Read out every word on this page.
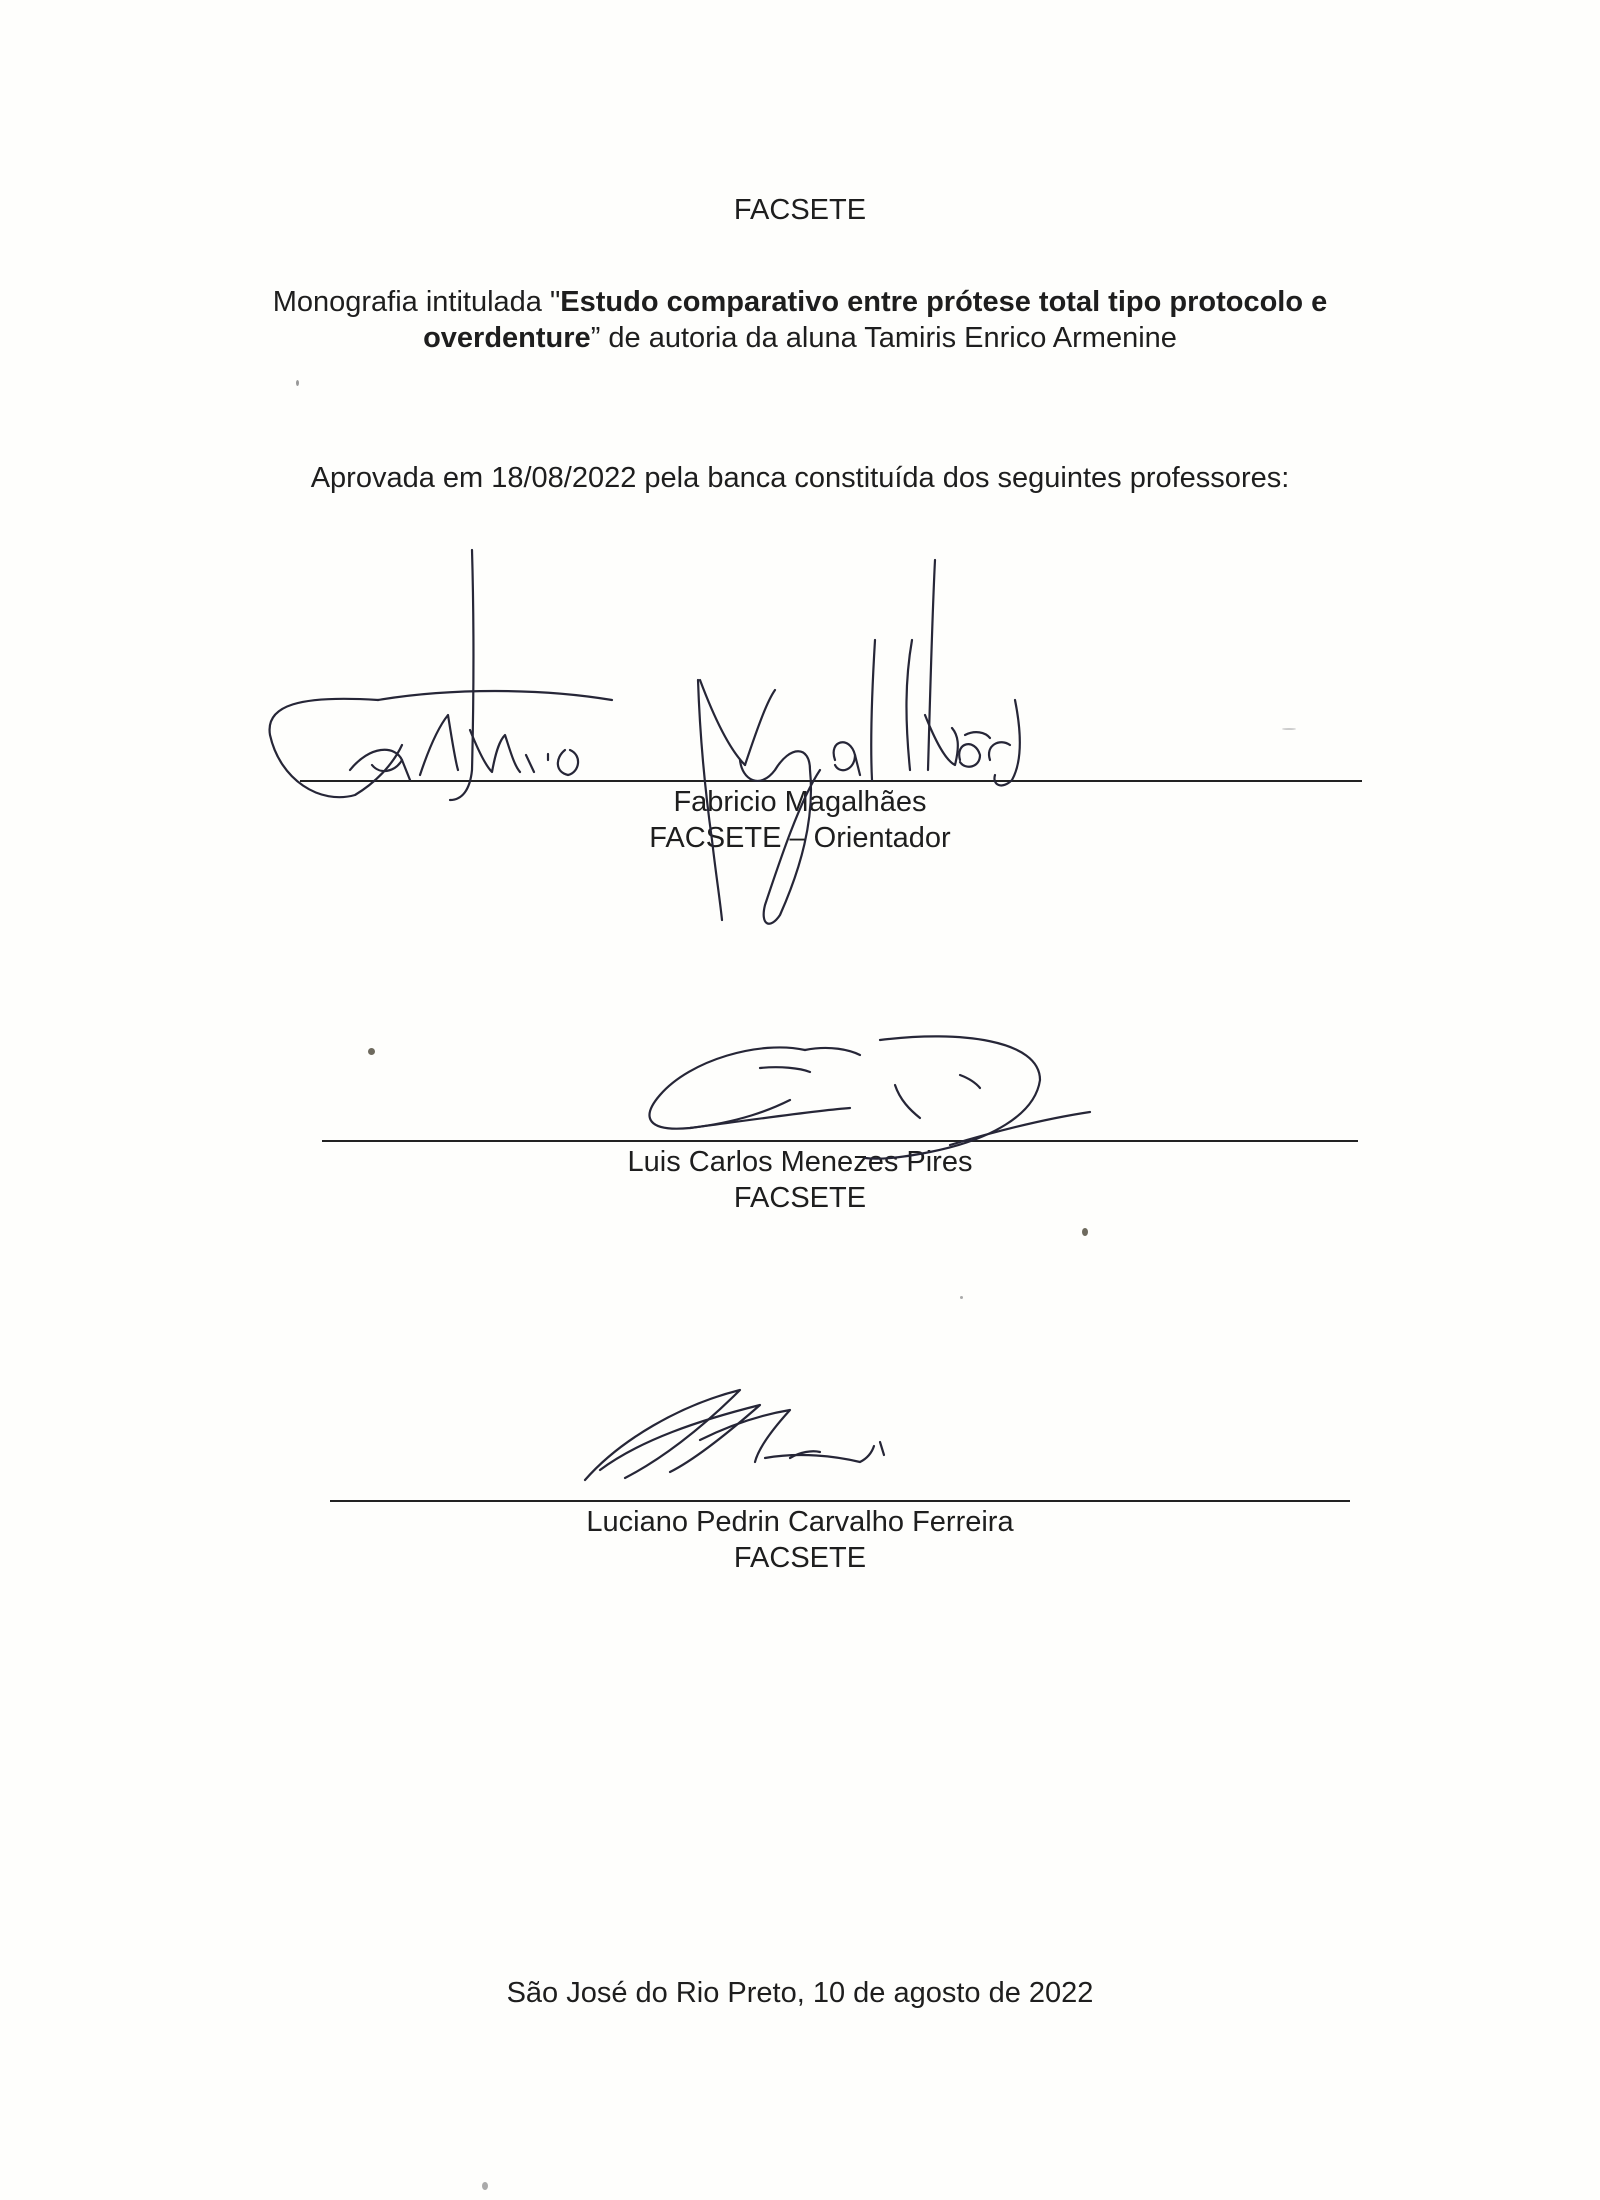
FACSETE
Monografia intitulada "Estudo comparativo entre prótese total tipo protocolo e
overdenture” de autoria da aluna Tamiris Enrico Armenine
Aprovada em 18/08/2022 pela banca constituída dos seguintes professores:
Fabricio Magalhães
FACSETE – Orientador
Luis Carlos Menezes Pires
FACSETE
Luciano Pedrin Carvalho Ferreira
FACSETE
São José do Rio Preto, 10 de agosto de 2022
